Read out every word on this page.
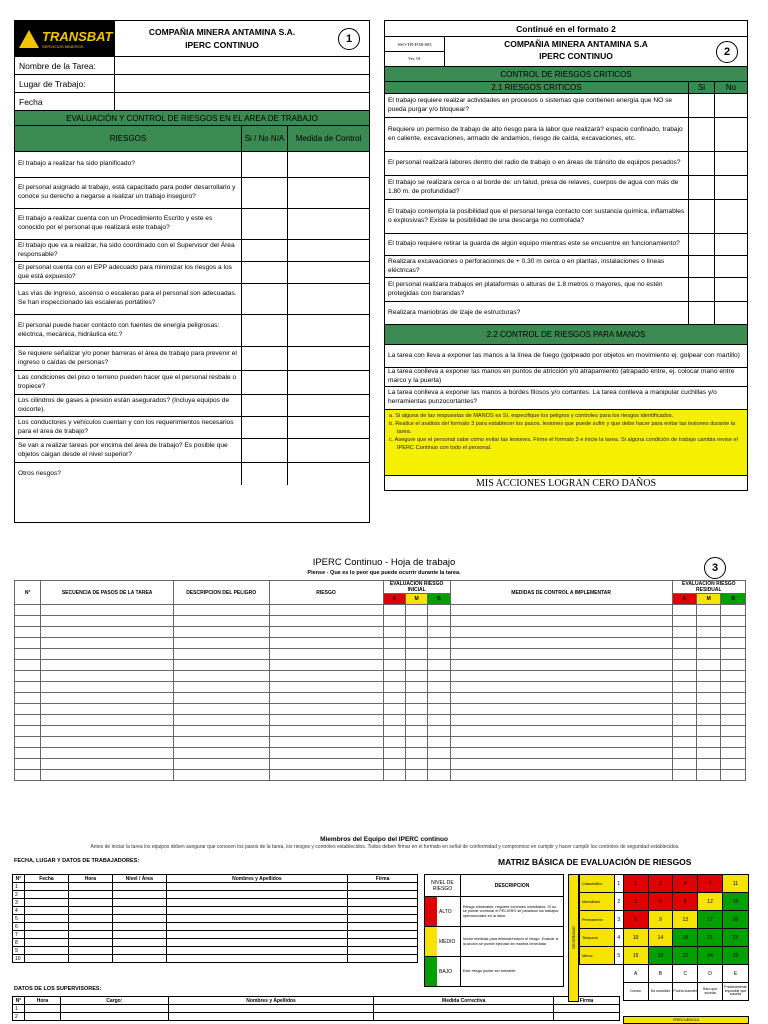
TRANSBAT
SERVICIOS MINEROS
COMPAÑIA MINERA ANTAMINA S.A.
IPERC CONTINUO
1
Nombre de la Tarea:
Lugar de Trabajo:
Fecha
EVALUACIÓN Y CONTROL DE RIESGOS EN EL AREA DE TRABAJO
RIESGOS	Si / No N/A	Medida de Control
El trabajo a realizar ha sido planificado?
El personal asignado al trabajo, está capacitado para poder desarrollarlo y conoce su derecho a negarse a realizar un trabajo inseguro?
El trabajo a realizar cuenta con un Procedimiento Escrito y este es conocido por el personal que realizará este trabajo?
El trabajo que va a realizar, ha sido coordinado con el Supervisor del Área responsable?
El personal cuenta con el EPP adecuado para minimizar los riesgos a los que está expuesto?
Las vías de ingreso, ascenso o escaleras para el personal son adecuadas. Se han inspeccionado las escaleras portátiles?
El personal puede hacer contacto con fuentes de energía peligrosas: eléctrica, mecánica, hidráulica etc.?
Se requiere señalizar y/o poner barreras el área de trabajo para prevenir el ingreso o caídas de personas?
Las condiciones del piso o terreno pueden hacer que el personal resbale o tropiece?
Los cilindros de gases a presión están asegurados? (Incluya equipos de oxicorte).
Los conductores y vehículos cuentan y con los requerimientos necesarios para el área de trabajo?
Se van a realizar tareas por encima del área de trabajo? Es posible que objetos caigan desde el nivel superior?
Otros riesgos?
Continué en el formato 2
SSO-TB-FOR-003
Ver. 01
COMPAÑIA MINERA ANTAMINA S.A
IPERC CONTINUO	2
CONTROL DE RIESGOS CRITICOS
2.1 RIESGOS CRITICOS	Si	No
El trabajo requiere realizar actividades en procesos o sistemas que contienen energía que NO se pueda purgar y/o bloquear?
Requiere un permiso de trabajo de alto riesgo para la labor que realizará? espacio confinado, trabajo en caliente, excavaciones, armado de andamios, riesgo de caída, excavaciones, etc.
El personal realizará labores dentro del radio de trabajo o en áreas de tránsito de equipos pesados?
El trabajo se realizara cerca o al borde de: un talud, presa de relaves, cuerpos de agua con más de 1.80 m. de profundidad?
El trabajo contempla la posibilidad que el personal tenga contacto con sustancia química, inflamables o explosivas? Existe la posibilidad de una descarga no controlada?
El trabajo requiere retirar la guarda de algún equipo mientras este se encuentre en funcionamiento?
Realizara excavaciones o perforaciones de + 0.30 m cerca o en plantas, instalaciones o líneas eléctricas?
El personal realizara trabajos en plataformas o alturas de 1.8 metros o mayores, que no estén protegidas con barandas?
Realizara maniobras de izaje de estructuras?
2.2 CONTROL DE RIESGOS PARA MANOS
La tarea con lleva a exponer las manos a la línea de fuego (golpeado por objetos en movimiento ej. golpear con martillo)
La tarea conlleva a exponer las manos en puntos de atricción y/o atrapamiento (atrapado entre, ej. colocar mano entre marco y la puerta)
La tarea conlleva a exponer las manos a bordes filosos y/o cortantes. La tarea conlleva a manipular cuchillas y/o herramientas punzocortantes?
a. Si alguna de las respuestas de MANOS es SI, especifique los peligros y controles para los riesgos identificados.
b. Realice el análisis del formato 3 para establecer los pasos, lesiones que puede sufrir y que debe hacer para evitar las lesiones durante la tarea.
c. Asegure que el personal sabe cómo evitar las lesiones. Firme el formato 3 e inicie la tarea. Si alguna condición de trabajo cambia revise el IPERC Continuo con todo el personal.
MIS ACCIONES LOGRAN CERO DAÑOS
IPERC Continuo - Hoja de trabajo
Piense - Que es lo peor que puede ocurrir durante la tarea.	3
N°	SECUENCIA DE PASOS DE LA TAREA	DESCRIPCION DEL PELIGRO	RIESGO	EVALUACION RIESGO INICIAL			MEDIDAS DE CONTROL A IMPLEMENTAR	EVALUACION RIESGO RESIDUAL		
				A	M	B		A	M	B

Miembros del Equipo del IPERC continuo
Antes de iniciar la tarea los equipos deben asegurar que conocen los pasos de la tarea, los riesgos y controles establecidos. Todos deben firmar en el formato en señal de conformidad y compromiso en cumplir y hacer cumplir los controles de seguridad establecidos.
FECHA, LUGAR Y DATOS DE TRABAJADORES:
N°	Fecha	Hora	Nivel / Área	Nombres y Apellidos	Firma
1					
2					
3					
4					
5					
6					
7					
8					
9					
10					
DATOS DE LOS SUPERVISORES:
N°	Hora	Cargo:	Nombres y Apellidos	Medida Correctiva	Firma
1					
2					
MATRIZ BÁSICA DE EVALUACIÓN DE RIESGOS
NIVEL DE RIESGO	DESCRIPCION

ALTO	Riesgo intolerable, requiere controles inmediatos. Si no se puede controlar el PELIGRO se paralizan los trabajos operacionales en la labor.

MEDIO	Iniciar medidas para eliminar/reducir el riesgo. Evaluar si la acción se puede ejecutar de manera inmediata

BAJO	Este riesgo puede ser tolerable.
SEVERIDAD
Catastrófico	1	1	2	4	7	11
Mortalidad	2	3	5	8	12	16
Permanente	3	6	9	13	17	20
Temporal	4	10	14	18	21	23
Menor	5	15	19	22	24	25
		A	B	C	D	E
		Común	Ha sucedido	Podría suceder	Raro que suceda	Prácticamente imposible que suceda
FRECUENCIA
